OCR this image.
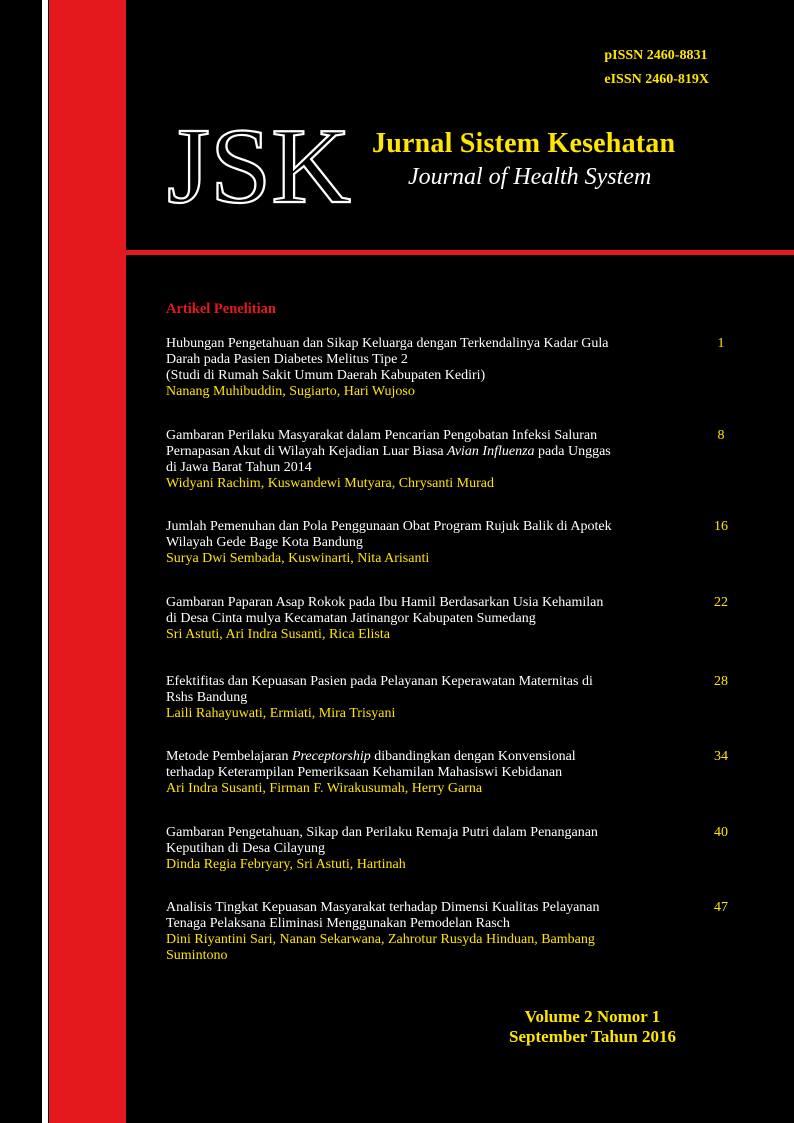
pISSN 2460-8831
eISSN 2460-819X
JSK Jurnal Sistem Kesehatan
Journal of Health System
Artikel Penelitian
Hubungan Pengetahuan dan Sikap Keluarga dengan Terkendalinya Kadar Gula
Darah pada Pasien Diabetes Melitus Tipe 2
(Studi di Rumah Sakit Umum Daerah Kabupaten Kediri)
Nanang Muhibuddin, Sugiarto, Hari Wujoso
1
Gambaran Perilaku Masyarakat dalam Pencarian Pengobatan Infeksi Saluran
Pernapasan Akut di Wilayah Kejadian Luar Biasa Avian Influenza pada Unggas
di Jawa Barat Tahun 2014
Widyani Rachim, Kuswandewi Mutyara, Chrysanti Murad
8
Jumlah Pemenuhan dan Pola Penggunaan Obat Program Rujuk Balik di Apotek
Wilayah Gede Bage Kota Bandung
Surya Dwi Sembada, Kuswinarti, Nita Arisanti
16
Gambaran Paparan Asap Rokok pada Ibu Hamil Berdasarkan Usia Kehamilan
di Desa Cinta mulya Kecamatan Jatinangor Kabupaten Sumedang
Sri Astuti, Ari Indra Susanti, Rica Elista
22
Efektifitas dan Kepuasan Pasien pada Pelayanan Keperawatan Maternitas di
Rshs Bandung
Laili Rahayuwati, Ermiati, Mira Trisyani
28
Metode Pembelajaran Preceptorship dibandingkan dengan Konvensional
terhadap Keterampilan Pemeriksaan Kehamilan Mahasiswi Kebidanan
Ari Indra Susanti, Firman F. Wirakusumah, Herry Garna
34
Gambaran Pengetahuan, Sikap dan Perilaku Remaja Putri dalam Penanganan
Keputihan di Desa Cilayung
Dinda Regia Febryary, Sri Astuti, Hartinah
40
Analisis Tingkat Kepuasan Masyarakat terhadap Dimensi Kualitas Pelayanan
Tenaga Pelaksana Eliminasi Menggunakan Pemodelan Rasch
Dini Riyantini Sari, Nanan Sekarwana, Zahrotur Rusyda Hinduan, Bambang
Sumintono
47
Volume 2 Nomor 1
September Tahun 2016
